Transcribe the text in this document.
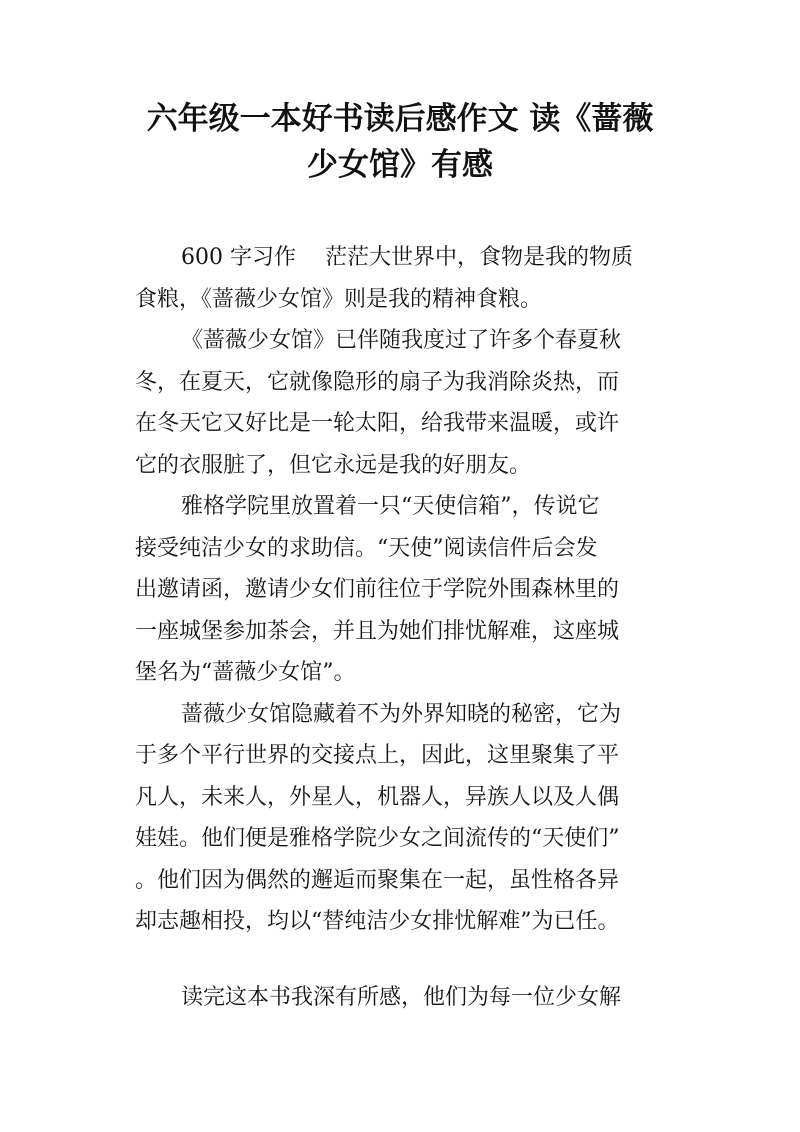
六年级一本好书读后感作文 读《蔷薇
少女馆》有感
600 字习作　 茫茫大世界中，食物是我的物质
食粮，《蔷薇少女馆》则是我的精神食粮。
《蔷薇少女馆》已伴随我度过了许多个春夏秋
冬，在夏天，它就像隐形的扇子为我消除炎热，而
在冬天它又好比是一轮太阳，给我带来温暖，或许
它的衣服脏了，但它永远是我的好朋友。
雅格学院里放置着一只“天使信箱”，传说它
接受纯洁少女的求助信。“天使”阅读信件后会发
出邀请函，邀请少女们前往位于学院外围森林里的
一座城堡参加茶会，并且为她们排忧解难，这座城
堡名为“蔷薇少女馆”。
蔷薇少女馆隐藏着不为外界知晓的秘密，它为
于多个平行世界的交接点上，因此，这里聚集了平
凡人，未来人，外星人，机器人，异族人以及人偶
娃娃。他们便是雅格学院少女之间流传的“天使们”
。他们因为偶然的邂逅而聚集在一起，虽性格各异
却志趣相投，均以“替纯洁少女排忧解难”为已任。
读完这本书我深有所感，他们为每一位少女解
